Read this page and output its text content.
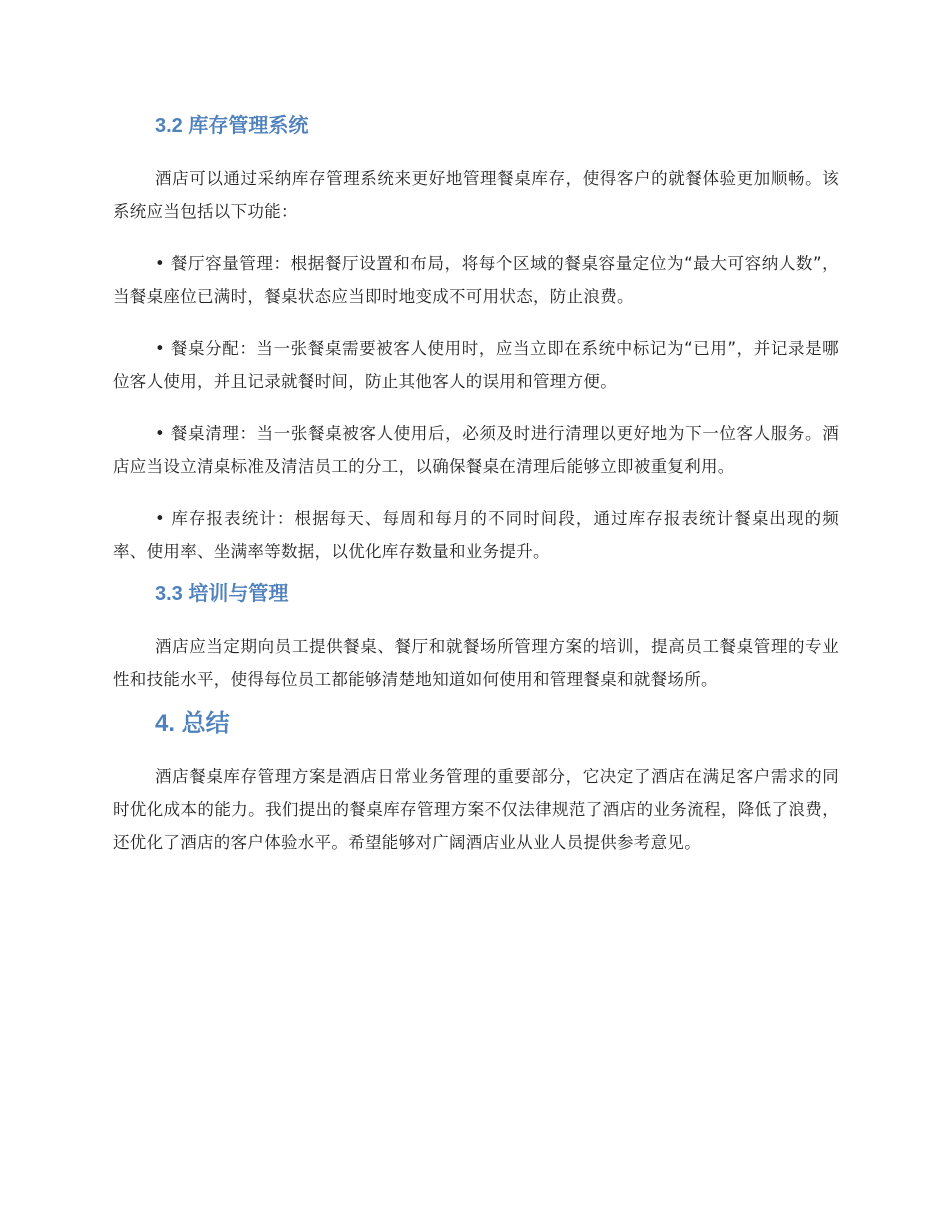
3.2 库存管理系统

酒店可以通过采纳库存管理系统来更好地管理餐桌库存，使得客户的就餐体验更加顺畅。该系统应当包括以下功能：

• 餐厅容量管理：根据餐厅设置和布局，将每个区域的餐桌容量定位为“最大可容纳人数”，当餐桌座位已满时，餐桌状态应当即时地变成不可用状态，防止浪费。

• 餐桌分配：当一张餐桌需要被客人使用时，应当立即在系统中标记为“已用”，并记录是哪位客人使用，并且记录就餐时间，防止其他客人的误用和管理方便。

• 餐桌清理：当一张餐桌被客人使用后，必须及时进行清理以更好地为下一位客人服务。酒店应当设立清桌标准及清洁员工的分工，以确保餐桌在清理后能够立即被重复利用。

• 库存报表统计：根据每天、每周和每月的不同时间段，通过库存报表统计餐桌出现的频率、使用率、坐满率等数据，以优化库存数量和业务提升。

3.3 培训与管理

酒店应当定期向员工提供餐桌、餐厅和就餐场所管理方案的培训，提高员工餐桌管理的专业性和技能水平，使得每位员工都能够清楚地知道如何使用和管理餐桌和就餐场所。

4. 总结

酒店餐桌库存管理方案是酒店日常业务管理的重要部分，它决定了酒店在满足客户需求的同时优化成本的能力。我们提出的餐桌库存管理方案不仅法律规范了酒店的业务流程，降低了浪费，还优化了酒店的客户体验水平。希望能够对广阔酒店业从业人员提供参考意见。
